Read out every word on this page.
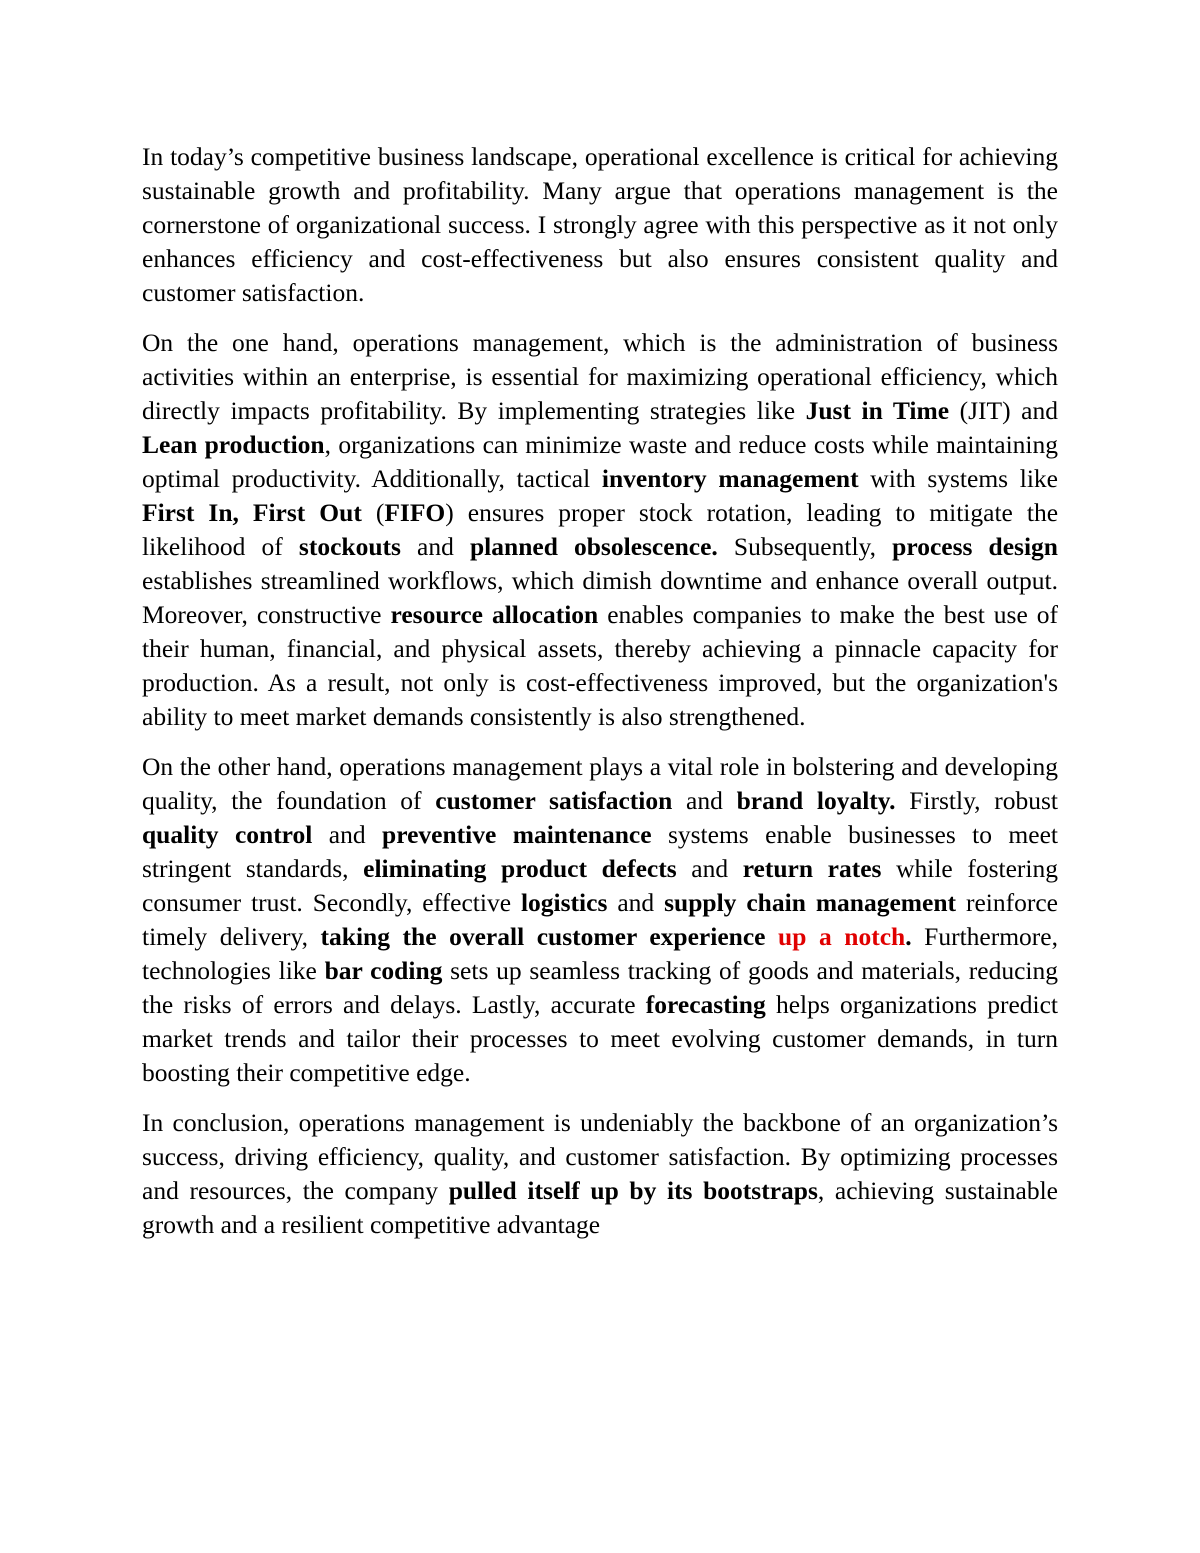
In today’s competitive business landscape, operational excellence is critical for achieving sustainable growth and profitability. Many argue that operations management is the cornerstone of organizational success. I strongly agree with this perspective as it not only enhances efficiency and cost-effectiveness but also ensures consistent quality and customer satisfaction.

On the one hand, operations management, which is the administration of business activities within an enterprise, is essential for maximizing operational efficiency, which directly impacts profitability. By implementing strategies like Just in Time (JIT) and Lean production, organizations can minimize waste and reduce costs while maintaining optimal productivity. Additionally, tactical inventory management with systems like First In, First Out (FIFO) ensures proper stock rotation, leading to mitigate the likelihood of stockouts and planned obsolescence. Subsequently, process design establishes streamlined workflows, which dimish downtime and enhance overall output. Moreover, constructive resource allocation enables companies to make the best use of their human, financial, and physical assets, thereby achieving a pinnacle capacity for production. As a result, not only is cost-effectiveness improved, but the organization's ability to meet market demands consistently is also strengthened.

On the other hand, operations management plays a vital role in bolstering and developing quality, the foundation of customer satisfaction and brand loyalty. Firstly, robust quality control and preventive maintenance systems enable businesses to meet stringent standards, eliminating product defects and return rates while fostering consumer trust. Secondly, effective logistics and supply chain management reinforce timely delivery, taking the overall customer experience up a notch. Furthermore, technologies like bar coding sets up seamless tracking of goods and materials, reducing the risks of errors and delays. Lastly, accurate forecasting helps organizations predict market trends and tailor their processes to meet evolving customer demands, in turn boosting their competitive edge.

In conclusion, operations management is undeniably the backbone of an organization’s success, driving efficiency, quality, and customer satisfaction. By optimizing processes and resources, the company pulled itself up by its bootstraps, achieving sustainable growth and a resilient competitive advantage
